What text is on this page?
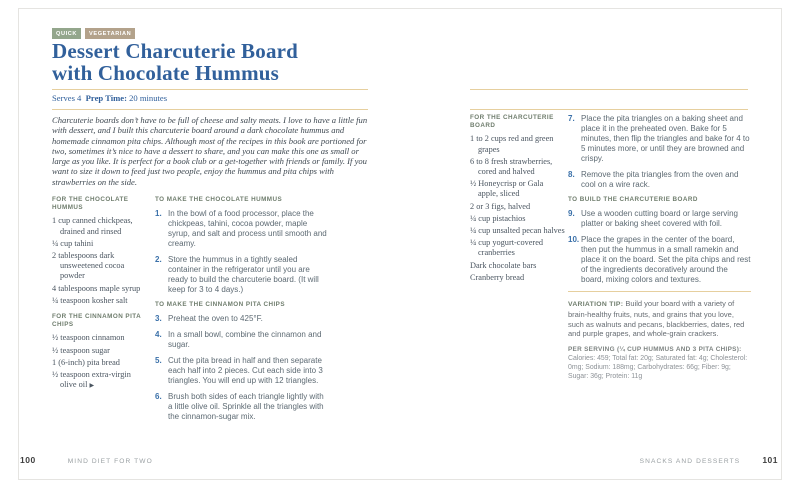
QUICK	VEGETARIAN
Dessert Charcuterie Board
with Chocolate Hummus
Serves 4 Prep Time: 20 minutes

Charcuterie boards don’t have to be full of cheese and salty meats. I love to have a little fun with dessert, and I built this charcuterie board around a dark chocolate hummus and homemade cinnamon pita chips. Although most of the recipes in this book are portioned for two, sometimes it’s nice to have a dessert to share, and you can make this one as small or large as you like. It is perfect for a book club or a get-together with friends or family. If you want to size it down to feed just two people, enjoy the hummus and pita chips with strawberries on the side.

FOR THE CHOCOLATE HUMMUS
1 cup canned chickpeas, drained and rinsed
¼ cup tahini
2 tablespoons dark unsweetened cocoa powder
4 tablespoons maple syrup
¼ teaspoon kosher salt
FOR THE CINNAMON PITA CHIPS
½ teaspoon cinnamon
½ teaspoon sugar
1 (6-inch) pita bread
½ teaspoon extra-virgin olive oil ▶
TO MAKE THE CHOCOLATE HUMMUS
1. In the bowl of a food processor, place the chickpeas, tahini, cocoa powder, maple syrup, and salt and process until smooth and creamy.
2. Store the hummus in a tightly sealed container in the refrigerator until you are ready to build the charcuterie board. (It will keep for 3 to 4 days.)
TO MAKE THE CINNAMON PITA CHIPS
3. Preheat the oven to 425°F.
4. In a small bowl, combine the cinnamon and sugar.
5. Cut the pita bread in half and then separate each half into 2 pieces. Cut each side into 3 triangles. You will end up with 12 triangles.
6. Brush both sides of each triangle lightly with a little olive oil. Sprinkle all the triangles with the cinnamon-sugar mix.
FOR THE CHARCUTERIE BOARD
1 to 2 cups red and green grapes
6 to 8 fresh strawberries, cored and halved
½ Honeycrisp or Gala apple, sliced
2 or 3 figs, halved
¼ cup pistachios
¼ cup unsalted pecan halves
¼ cup yogurt-covered cranberries
Dark chocolate bars
Cranberry bread
7. Place the pita triangles on a baking sheet and place it in the preheated oven. Bake for 5 minutes, then flip the triangles and bake for 4 to 5 minutes more, or until they are browned and crispy.
8. Remove the pita triangles from the oven and cool on a wire rack.
TO BUILD THE CHARCUTERIE BOARD
9. Use a wooden cutting board or large serving platter or baking sheet covered with foil.
10. Place the grapes in the center of the board, then put the hummus in a small ramekin and place it on the board. Set the pita chips and rest of the ingredients decoratively around the board, mixing colors and textures.

VARIATION TIP: Build your board with a variety of brain-healthy fruits, nuts, and grains that you love, such as walnuts and pecans, blackberries, dates, red and purple grapes, and whole-grain crackers.

PER SERVING (¼ CUP HUMMUS AND 3 PITA CHIPS): Calories: 459; Total fat: 20g; Saturated fat: 4g; Cholesterol: 0mg; Sodium: 188mg; Carbohydrates: 66g; Fiber: 9g; Sugar: 36g; Protein: 11g

100	MIND DIET FOR TWO	SNACKS AND DESSERTS	101
